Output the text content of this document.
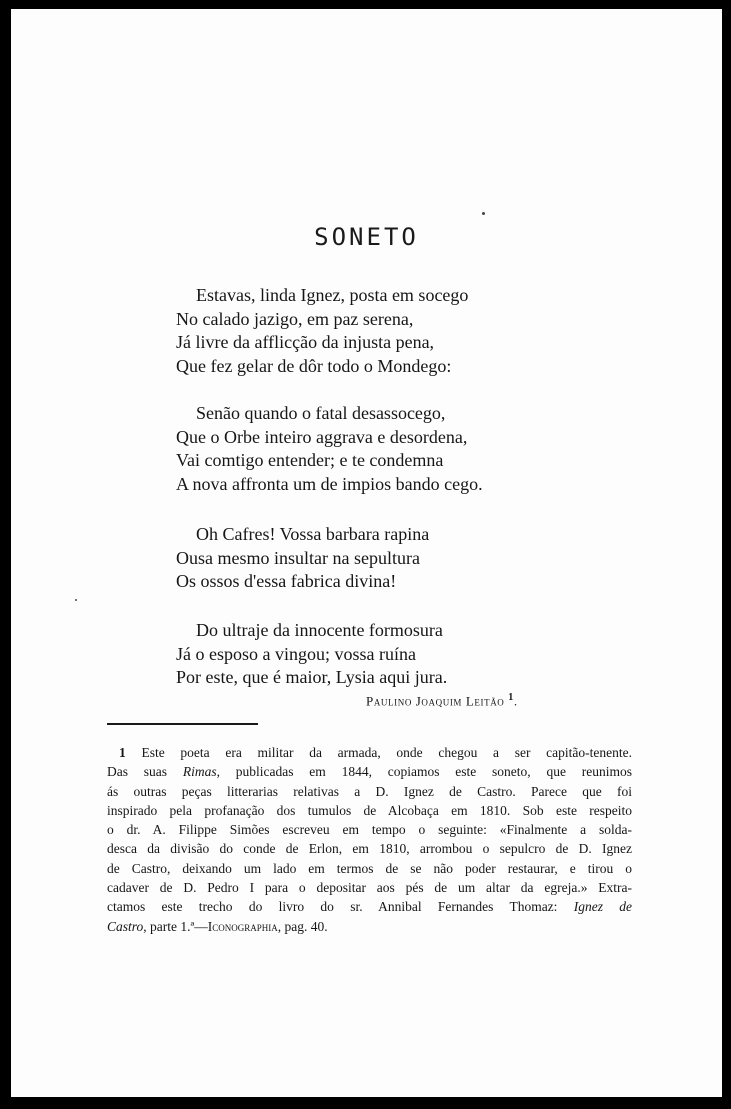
SONETO
Estavas, linda Ignez, posta em socego
No calado jazigo, em paz serena,
Já livre da afflicção da injusta pena,
Que fez gelar de dôr todo o Mondego:
Senão quando o fatal desassocego,
Que o Orbe inteiro aggrava e desordena,
Vai comtigo entender; e te condemna
A nova affronta um de impios bando cego.
Oh Cafres! Vossa barbara rapina
Ousa mesmo insultar na sepultura
Os ossos d'essa fabrica divina!
Do ultraje da innocente formosura
Já o esposo a vingou; vossa ruína
Por este, que é maior, Lysia aqui jura.
Paulino Joaquim Leitão $^1$.
1 Este poeta era militar da armada, onde chegou a ser capitão-tenente.
Das suas Rimas, publicadas em 1844, copiamos este soneto, que reunimos
ás outras peças litterarias relativas a D. Ignez de Castro. Parece que foi
inspirado pela profanação dos tumulos de Alcobaça em 1810. Sob este respeito
o dr. A. Filippe Simões escreveu em tempo o seguinte: «Finalmente a solda-
desca da divisão do conde de Erlon, em 1810, arrombou o sepulcro de D. Ignez
de Castro, deixando um lado em termos de se não poder restaurar, e tirou o
cadaver de D. Pedro I para o depositar aos pés de um altar da egreja.» Extra-
ctamos este trecho do livro do sr. Annibal Fernandes Thomaz: Ignez de
Castro, parte 1.ª—Iconographia, pag. 40.
